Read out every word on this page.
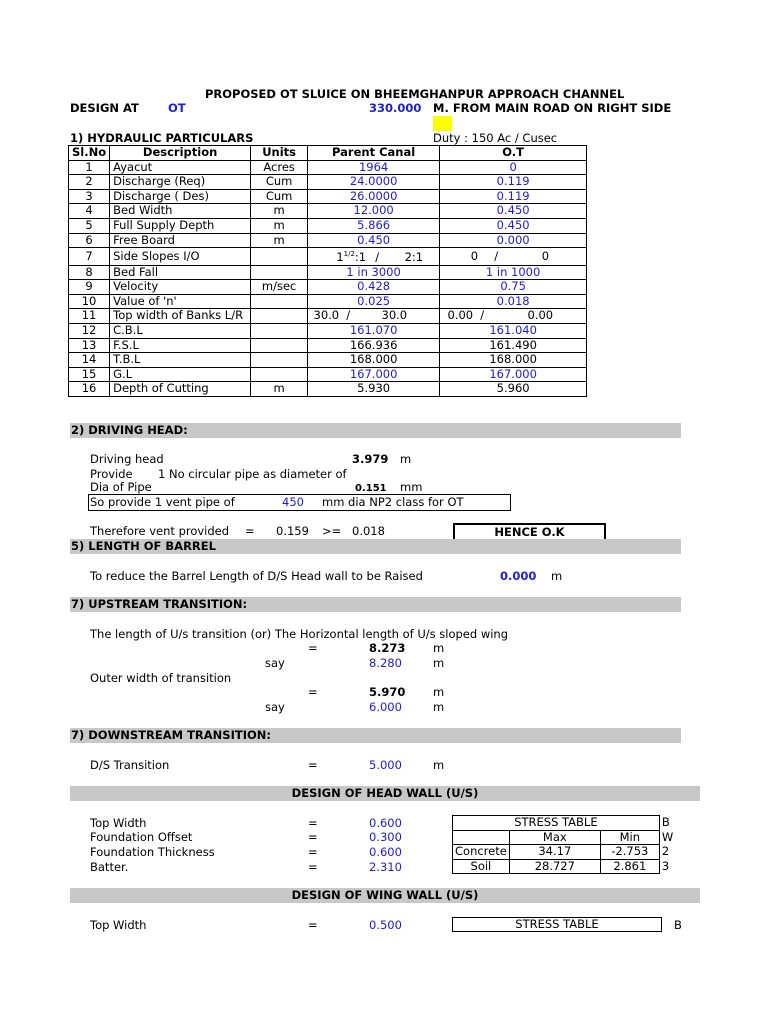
PROPOSED OT SLUICE ON BHEEMGHANPUR APPROACH CHANNEL
DESIGN AT	OT	330.000 M. FROM MAIN ROAD ON RIGHT SIDE
1) HYDRAULIC PARTICULARS	Duty : 150 Ac / Cusec
Sl.No	Description	Units	Parent Canal	O.T
1	Ayacut	Acres	1964	0
2	Discharge (Req)	Cum	24.0000	0.119
3	Discharge ( Des)	Cum	26.0000	0.119
4	Bed Width	m	12.000	0.450
5	Full Supply Depth	m	5.866	0.450
6	Free Board	m	0.450	0.000
7	Side Slopes I/O		$1^{1/2}:1$ / 2:1	0 / 0
8	Bed Fall		1 in 3000	1 in 1000
9	Velocity	m/sec	0.428	0.75
10	Value of 'n'		0.025	0.018
11	Top width of Banks L/R		30.0 / 30.0	0.00 / 0.00
12	C.B.L		161.070	161.040
13	F.S.L		166.936	161.490
14	T.B.L		168.000	168.000
15	G.L		167.000	167.000
16	Depth of Cutting	m	5.930	5.960
2) DRIVING HEAD:
Driving head	3.979 m
Provide 1 No circular pipe as diameter of
Dia of Pipe	0.151 mm
So provide 1 vent pipe of	450 mm dia NP2 class for OT
Therefore vent provided = 0.159 >= 0.018	HENCE O.K
5) LENGTH OF BARREL
To reduce the Barrel Length of D/S Head wall to be Raised	0.000 m
7) UPSTREAM TRANSITION:
The length of U/s transition (or) The Horizontal length of U/s sloped wing
=	8.273 m
say	8.280	m
Outer width of transition
=	5.970 m
say	6.000	m
7) DOWNSTREAM TRANSITION:
D/S Transition	=	5.000	m
DESIGN OF HEAD WALL (U/S)
Top Width	=	0.600
Foundation Offset	=	0.300
Foundation Thickness	=	0.600
Batter.	=	2.310
STRESS TABLE			B
	Max	Min	W
Concrete	34.17	-2.753	2
Soil	28.727	2.861	3
DESIGN OF WING WALL (U/S)
Top Width	=	0.500	STRESS TABLE	B
